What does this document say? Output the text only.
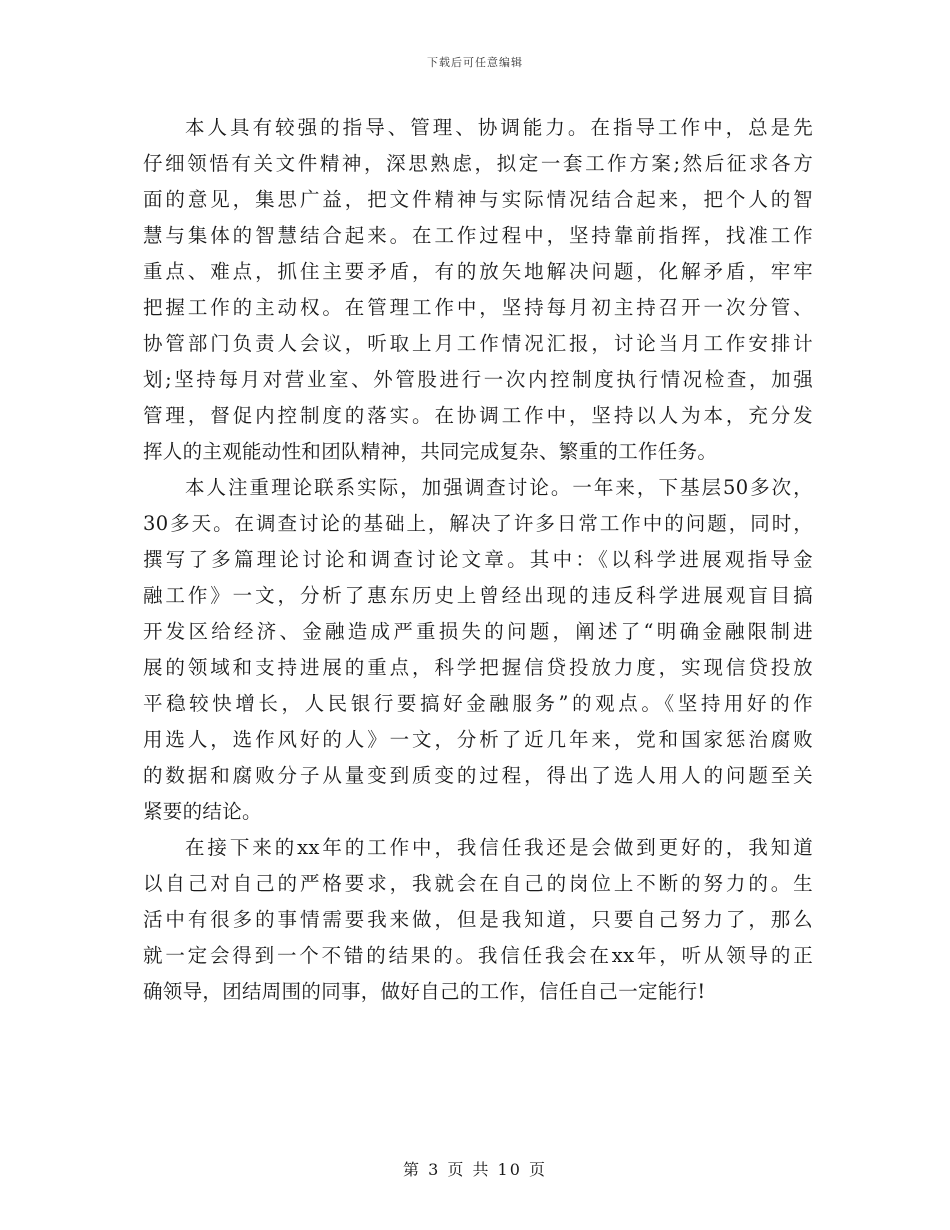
下载后可任意编辑
本人具有较强的指导、管理、协调能力。在指导工作中，总是先
仔细领悟有关文件精神，深思熟虑，拟定一套工作方案;然后征求各方
面的意见，集思广益，把文件精神与实际情况结合起来，把个人的智
慧与集体的智慧结合起来。在工作过程中，坚持靠前指挥，找准工作
重点、难点，抓住主要矛盾，有的放矢地解决问题，化解矛盾，牢牢
把握工作的主动权。在管理工作中，坚持每月初主持召开一次分管、
协管部门负责人会议，听取上月工作情况汇报，讨论当月工作安排计
划;坚持每月对营业室、外管股进行一次内控制度执行情况检查，加强
管理，督促内控制度的落实。在协调工作中，坚持以人为本，充分发
挥人的主观能动性和团队精神，共同完成复杂、繁重的工作任务。
本人注重理论联系实际，加强调查讨论。一年来，下基层50多次，
30多天。在调查讨论的基础上，解决了许多日常工作中的问题，同时，
撰写了多篇理论讨论和调查讨论文章。其中：《以科学进展观指导金
融工作》一文，分析了惠东历史上曾经出现的违反科学进展观盲目搞
开发区给经济、金融造成严重损失的问题，阐述了“明确金融限制进
展的领域和支持进展的重点，科学把握信贷投放力度，实现信贷投放
平稳较快增长，人民银行要搞好金融服务”的观点。《坚持用好的作
用选人，选作风好的人》一文，分析了近几年来，党和国家惩治腐败
的数据和腐败分子从量变到质变的过程，得出了选人用人的问题至关
紧要的结论。
在接下来的xx年的工作中，我信任我还是会做到更好的，我知道
以自己对自己的严格要求，我就会在自己的岗位上不断的努力的。生
活中有很多的事情需要我来做，但是我知道，只要自己努力了，那么
就一定会得到一个不错的结果的。我信任我会在xx年，听从领导的正
确领导，团结周围的同事，做好自己的工作，信任自己一定能行!
第 3 页 共 10 页
